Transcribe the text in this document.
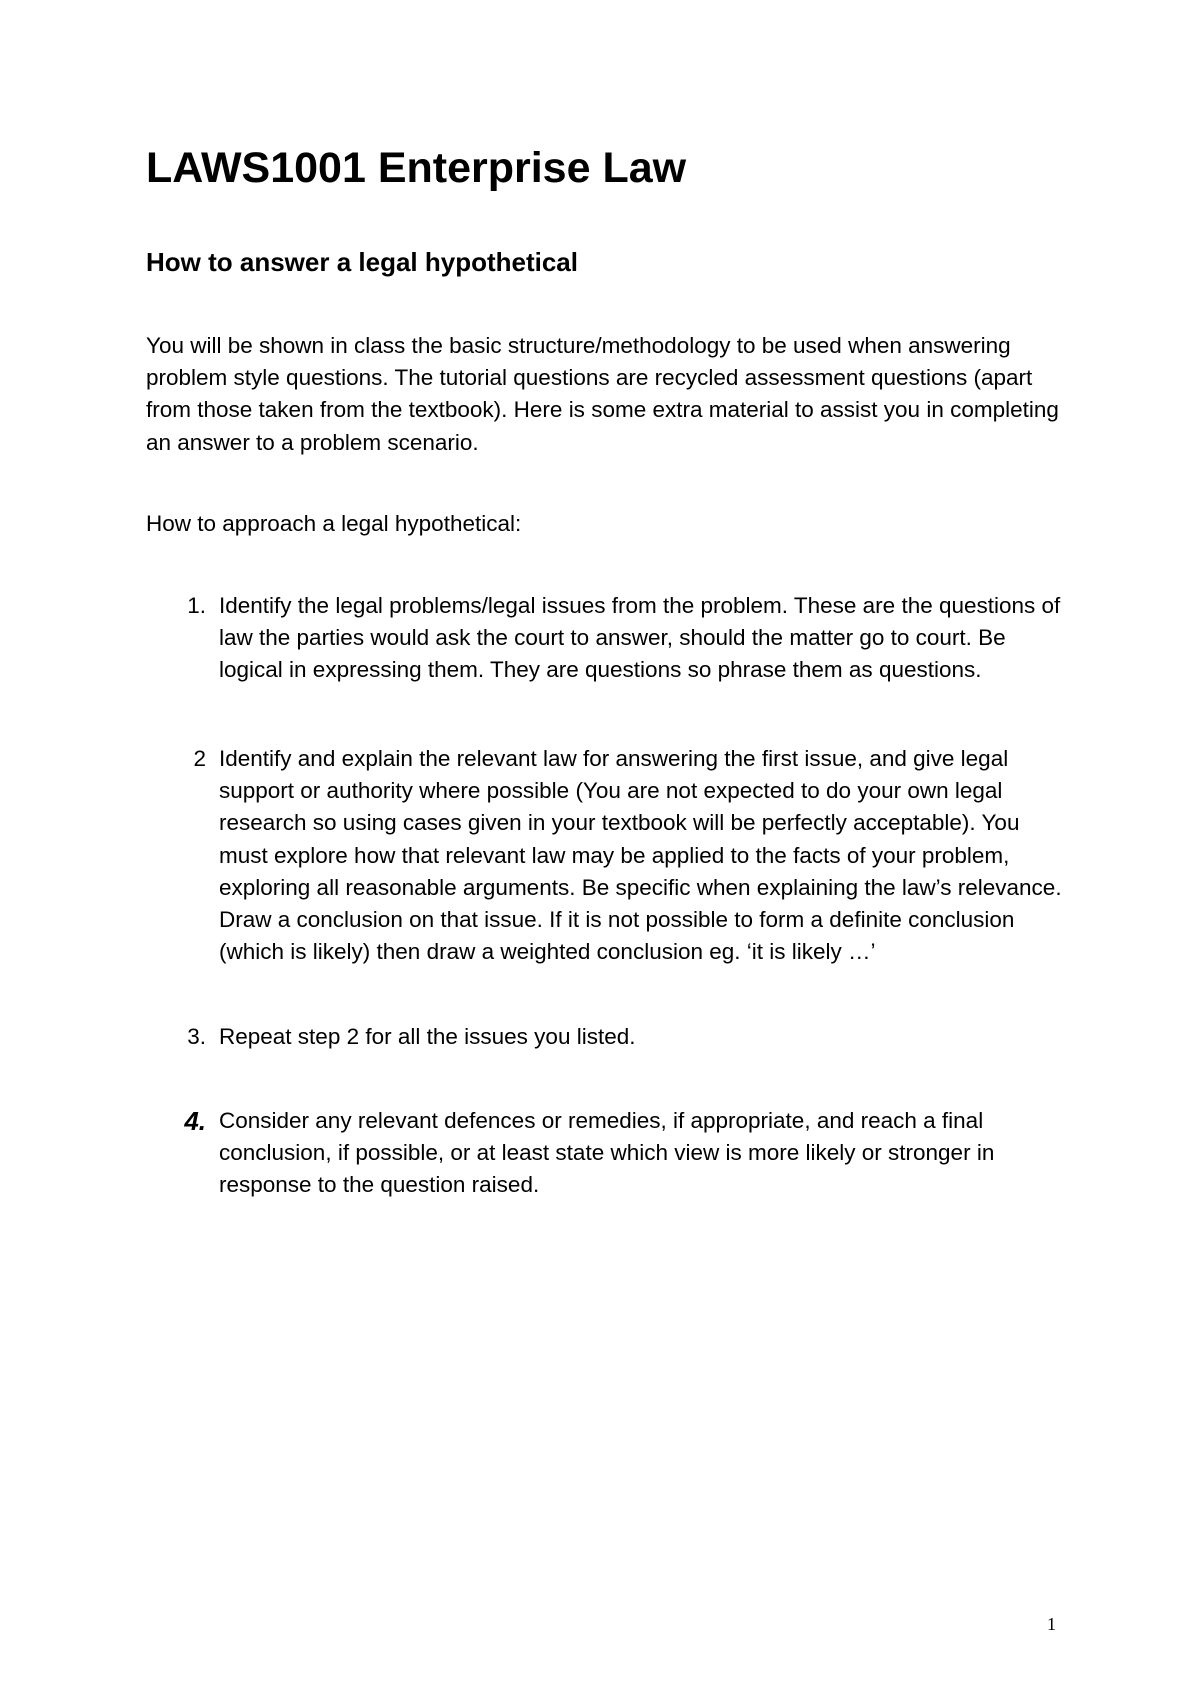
LAWS1001 Enterprise Law
How to answer a legal hypothetical

You will be shown in class the basic structure/methodology to be used when answering problem style questions. The tutorial questions are recycled assessment questions (apart from those taken from the textbook). Here is some extra material to assist you in completing an answer to a problem scenario.

How to approach a legal hypothetical:

1. Identify the legal problems/legal issues from the problem. These are the questions of law the parties would ask the court to answer, should the matter go to court. Be logical in expressing them. They are questions so phrase them as questions.

2 Identify and explain the relevant law for answering the first issue, and give legal support or authority where possible (You are not expected to do your own legal research so using cases given in your textbook will be perfectly acceptable). You must explore how that relevant law may be applied to the facts of your problem, exploring all reasonable arguments. Be specific when explaining the law’s relevance. Draw a conclusion on that issue. If it is not possible to form a definite conclusion (which is likely) then draw a weighted conclusion eg. ‘it is likely …’

3. Repeat step 2 for all the issues you listed.

4. Consider any relevant defences or remedies, if appropriate, and reach a final conclusion, if possible, or at least state which view is more likely or stronger in response to the question raised.

1
